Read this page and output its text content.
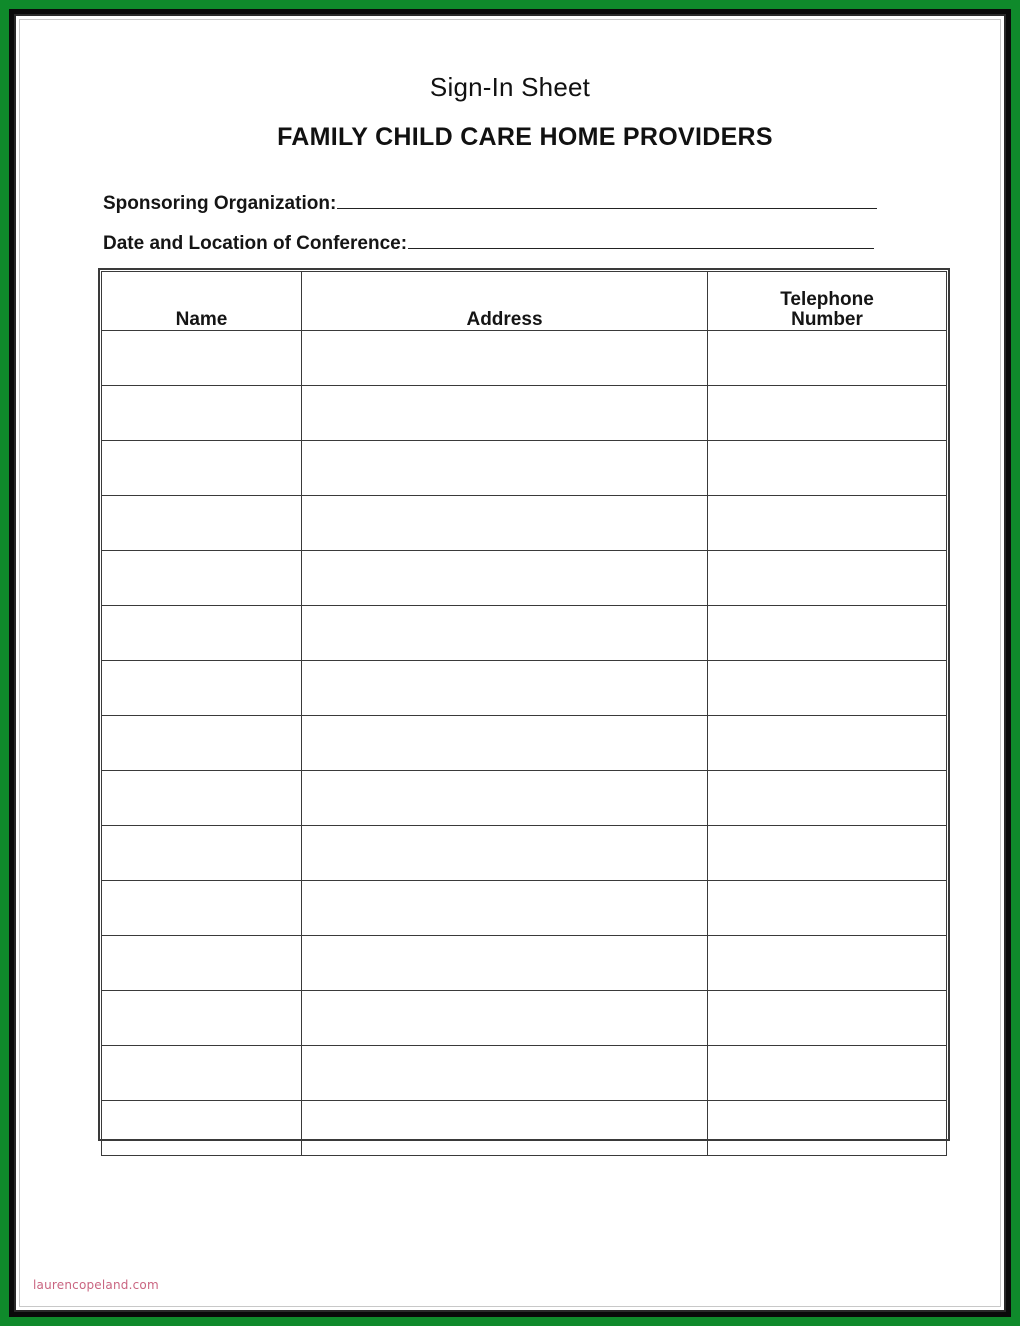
Sign-In Sheet
FAMILY CHILD CARE HOME PROVIDERS
Sponsoring Organization:
Date and Location of Conference:
Name	Address	Telephone
Number

laurencopeland.com
